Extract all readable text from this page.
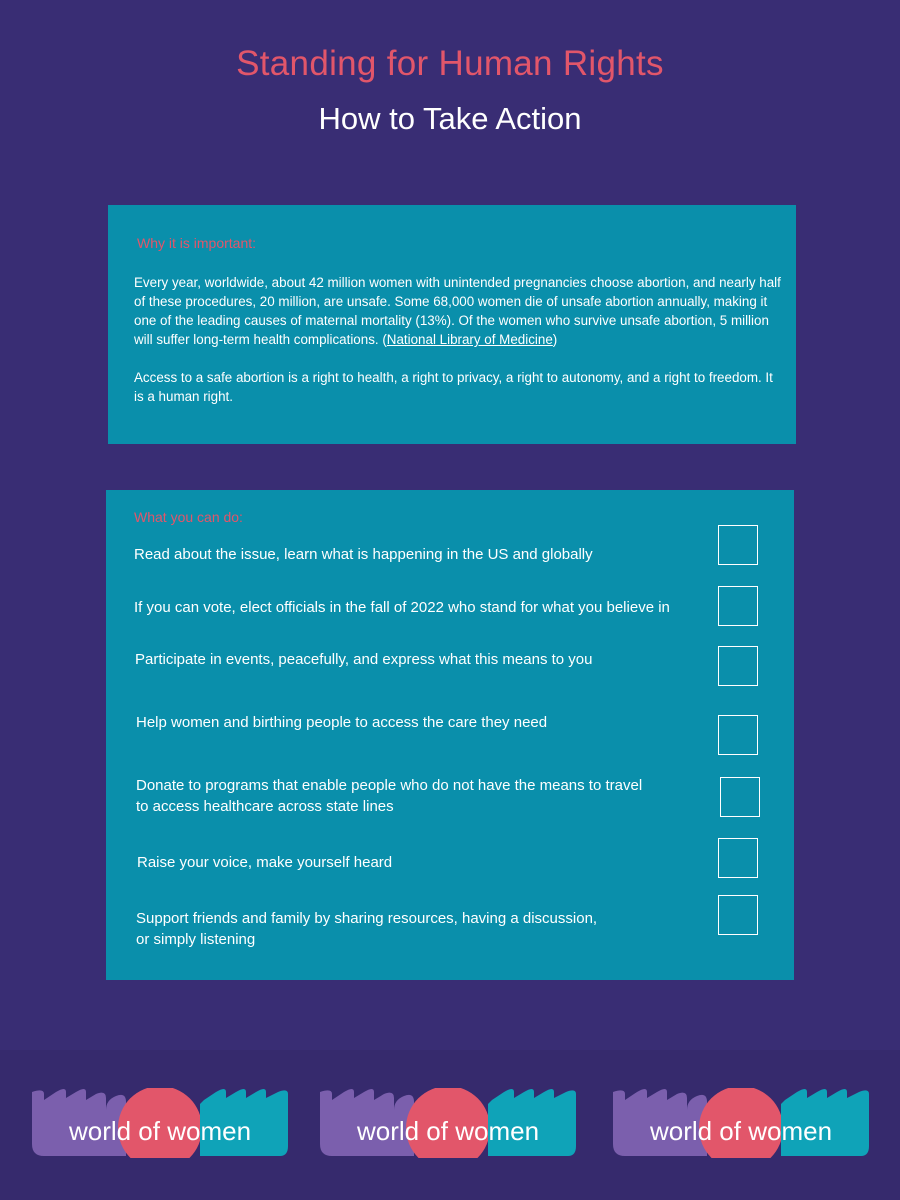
Standing for Human Rights
How to Take Action
Why it is important:
Every year, worldwide, about 42 million women with unintended pregnancies choose abortion, and nearly half of these procedures, 20 million, are unsafe. Some 68,000 women die of unsafe abortion annually, making it one of the leading causes of maternal mortality (13%). Of the women who survive unsafe abortion, 5 million will suffer long-term health complications. (National Library of Medicine)
Access to a safe abortion is a right to health, a right to privacy, a right to autonomy, and a right to freedom. It is a human right.
What you can do:
Read about the issue, learn what is happening in the US and globally
If you can vote, elect officials in the fall of 2022 who stand for what you believe in
Participate in events, peacefully, and express what this means to you
Help women and birthing people to access the care they need
Donate to programs that enable people who do not have the means to travel
to access healthcare across state lines
Raise your voice, make yourself heard
Support friends and family by sharing resources, having a discussion,
or simply listening
world of women	world of women	world of women
